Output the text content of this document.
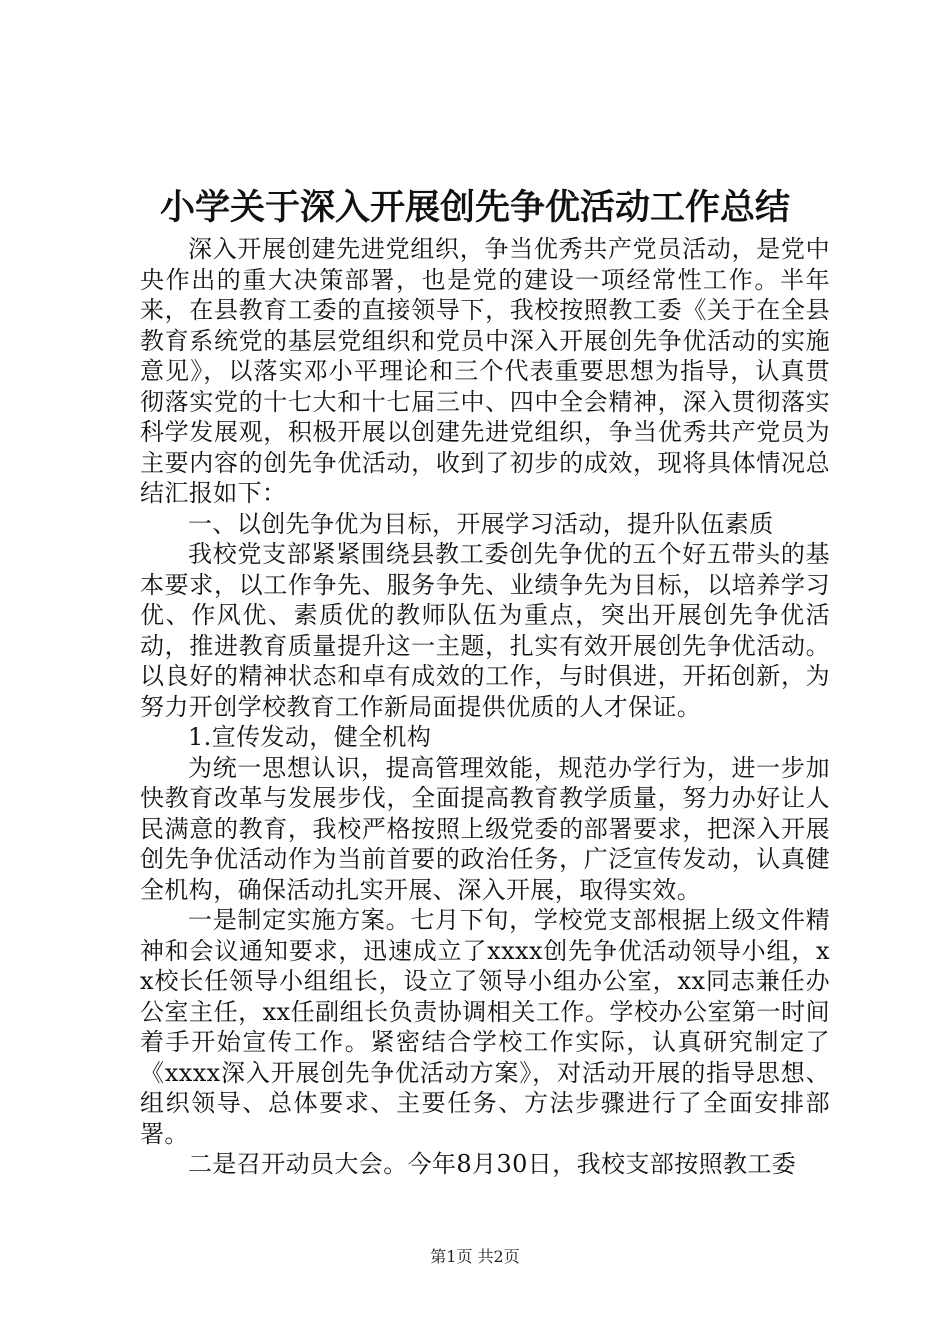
小学关于深入开展创先争优活动工作总结

深入开展创建先进党组织，争当优秀共产党员活动，是党中央作出的重大决策部署，也是党的建设一项经常性工作。半年来，在县教育工委的直接领导下，我校按照教工委《关于在全县教育系统党的基层党组织和党员中深入开展创先争优活动的实施意见》，以落实邓小平理论和三个代表重要思想为指导，认真贯彻落实党的十七大和十七届三中、四中全会精神，深入贯彻落实科学发展观，积极开展以创建先进党组织，争当优秀共产党员为主要内容的创先争优活动，收到了初步的成效，现将具体情况总结汇报如下：

一、以创先争优为目标，开展学习活动，提升队伍素质

我校党支部紧紧围绕县教工委创先争优的五个好五带头的基本要求，以工作争先、服务争先、业绩争先为目标，以培养学习优、作风优、素质优的教师队伍为重点，突出开展创先争优活动，推进教育质量提升这一主题，扎实有效开展创先争优活动。以良好的精神状态和卓有成效的工作，与时俱进，开拓创新，为努力开创学校教育工作新局面提供优质的人才保证。

1.宣传发动，健全机构

为统一思想认识，提高管理效能，规范办学行为，进一步加快教育改革与发展步伐，全面提高教育教学质量，努力办好让人民满意的教育，我校严格按照上级党委的部署要求，把深入开展创先争优活动作为当前首要的政治任务，广泛宣传发动，认真健全机构，确保活动扎实开展、深入开展，取得实效。

一是制定实施方案。七月下旬，学校党支部根据上级文件精神和会议通知要求，迅速成立了xxxx创先争优活动领导小组，xx校长任领导小组组长，设立了领导小组办公室，xx同志兼任办公室主任，xx任副组长负责协调相关工作。学校办公室第一时间着手开始宣传工作。紧密结合学校工作实际，认真研究制定了《xxxx深入开展创先争优活动方案》，对活动开展的指导思想、组织领导、总体要求、主要任务、方法步骤进行了全面安排部署。

二是召开动员大会。今年8月30日，我校支部按照教工委

第1页 共2页
